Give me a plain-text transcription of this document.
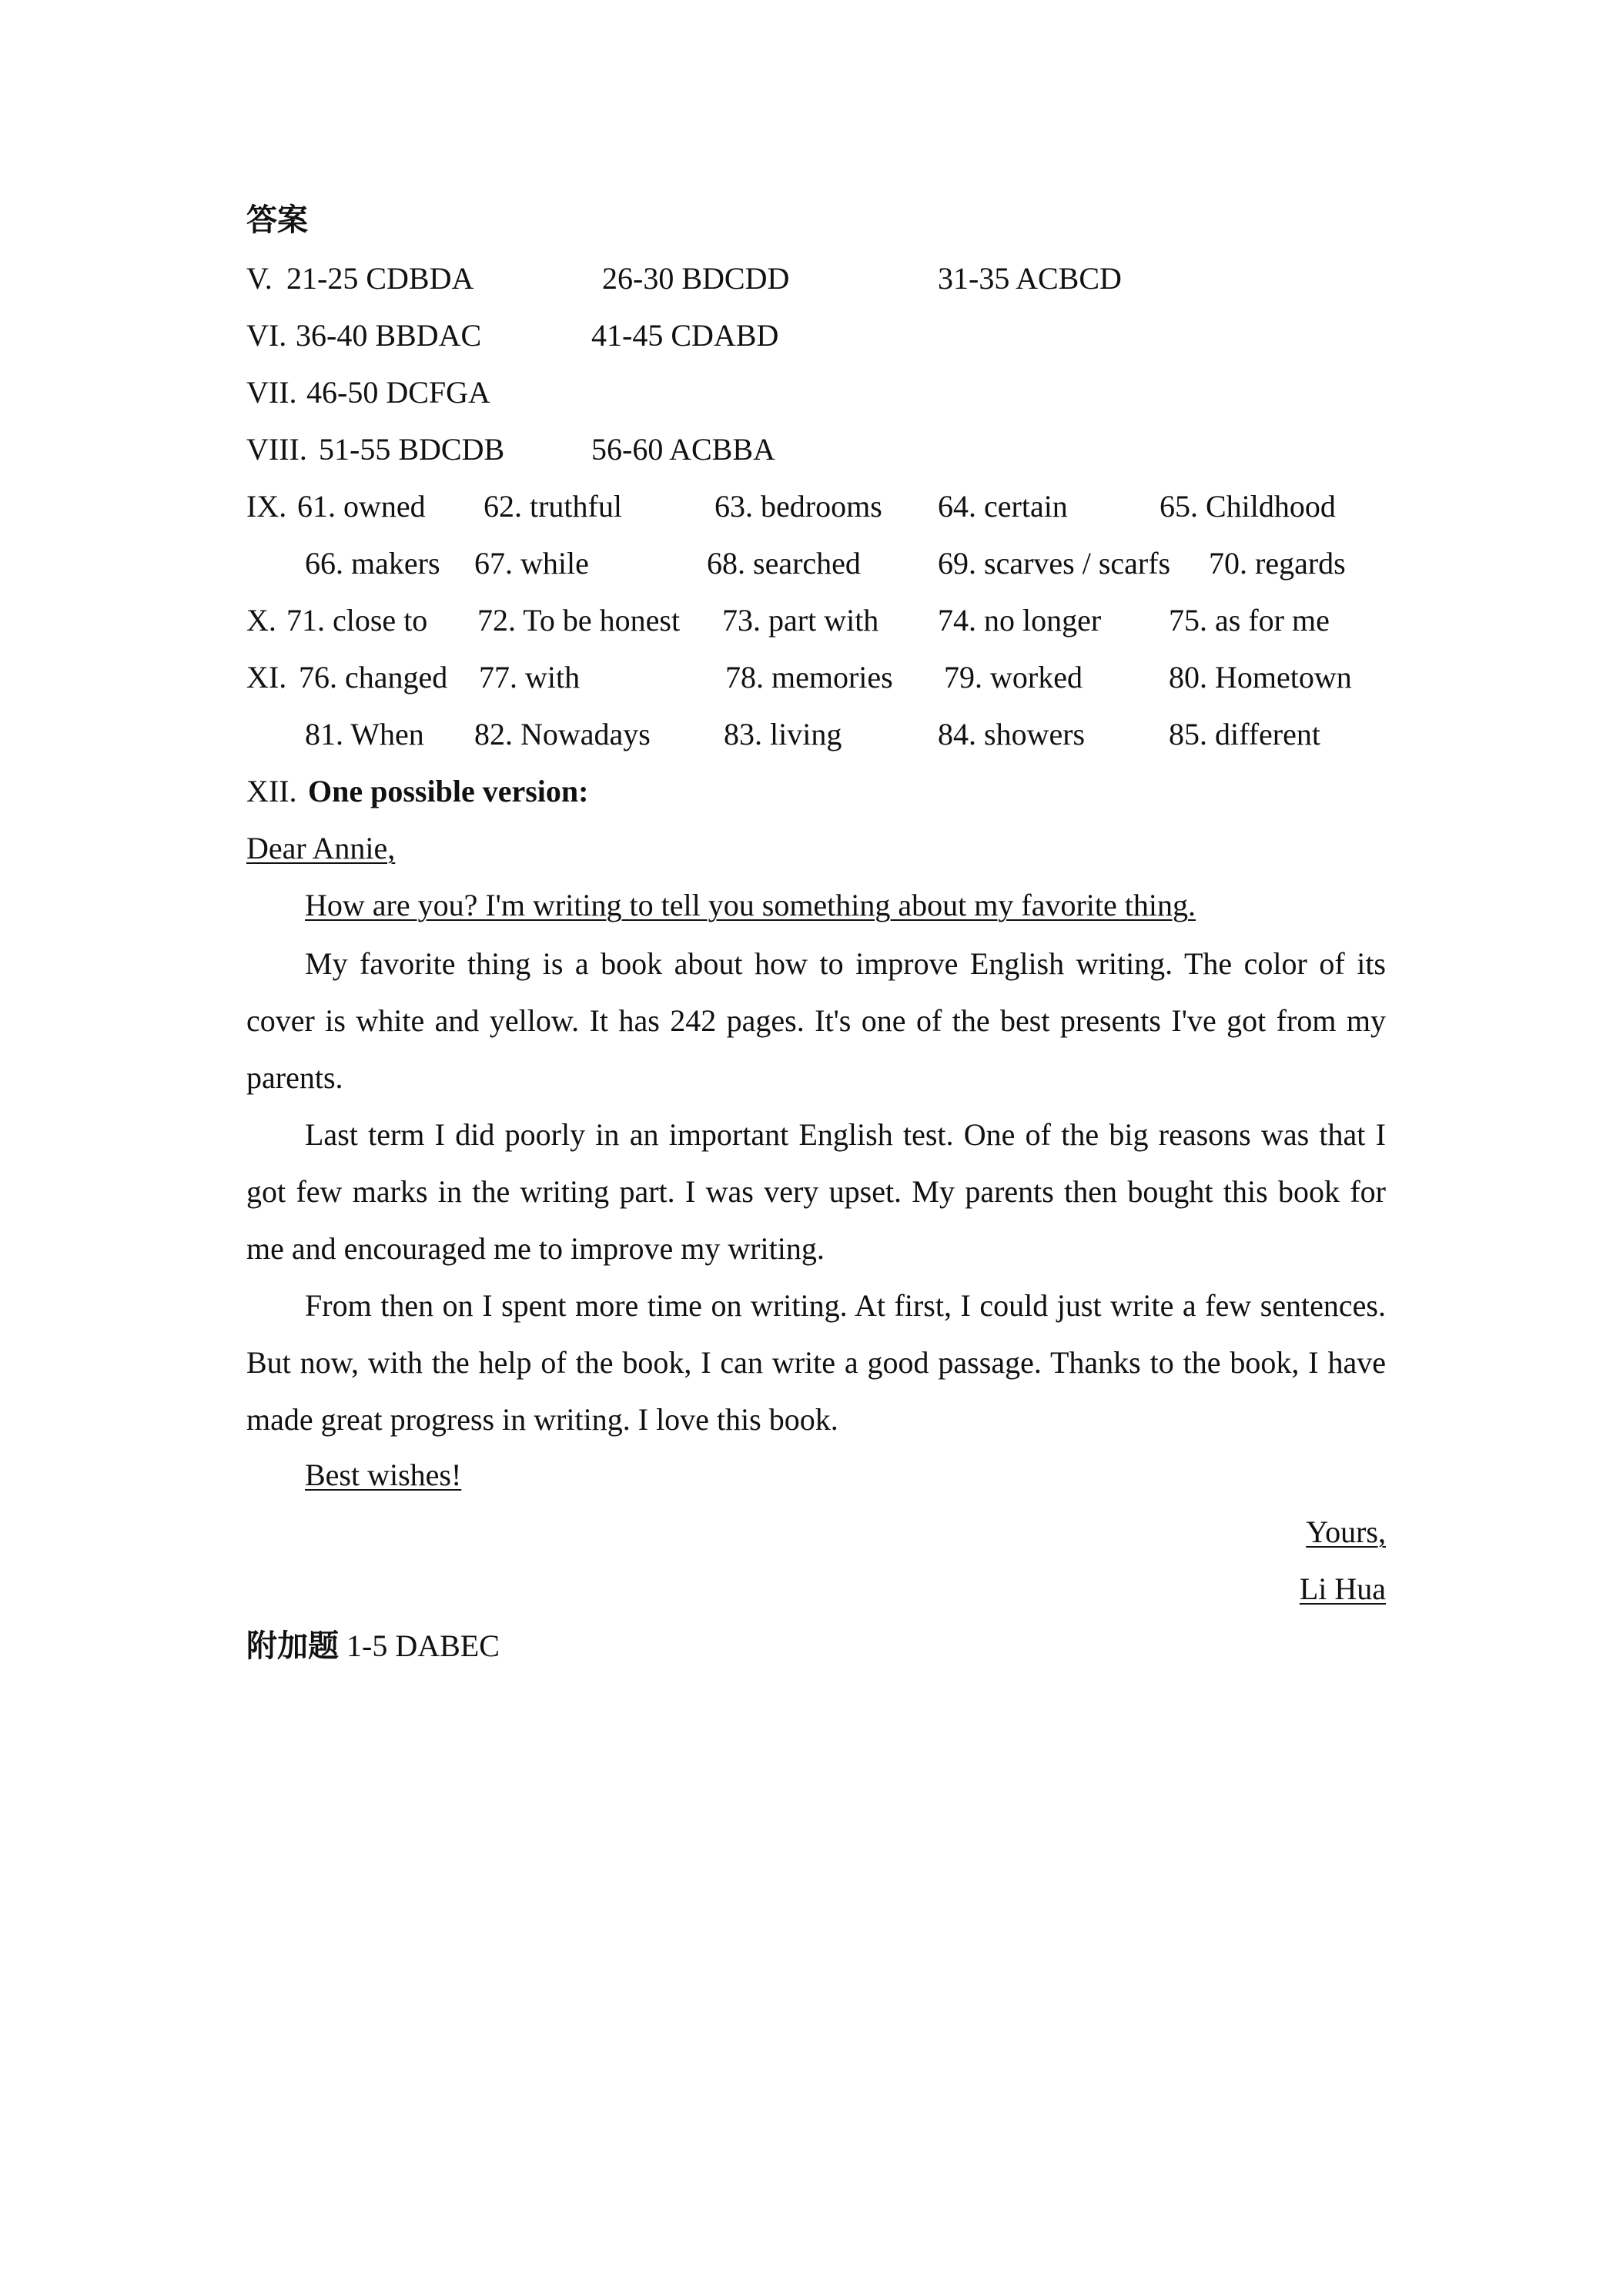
答案
V. 21-25 CDBDA	26-30 BDCDD	31-35 ACBCD
VI. 36-40 BBDAC	41-45 CDABD
VII. 46-50 DCFGA
VIII. 51-55 BDCDB	56-60 ACBBA
IX. 61. owned 62. truthful	63. bedrooms 64. certain	65. Childhood
66. makers 67. while	68. searched	69. scarves / scarfs 70. regards
X. 71. close to 72. To be honest 73. part with 74. no longer 75. as for me
XI. 76. changed 77. with	78. memories 79. worked	80. Hometown
81. When 82. Nowadays 83. living	84. showers	85. different
XII. One possible version:
Dear Annie,
How are you? I'm writing to tell you something about my favorite thing.
My favorite thing is a book about how to improve English writing. The color of its cover is white and yellow. It has 242 pages. It's one of the best presents I've got from my parents.
Last term I did poorly in an important English test. One of the big reasons was that I got few marks in the writing part. I was very upset. My parents then bought this book for me and encouraged me to improve my writing.
From then on I spent more time on writing. At first, I could just write a few sentences. But now, with the help of the book, I can write a good passage. Thanks to the book, I have made great progress in writing. I love this book.
Best wishes!
Yours,
Li Hua
附加题 1-5 DABEC
